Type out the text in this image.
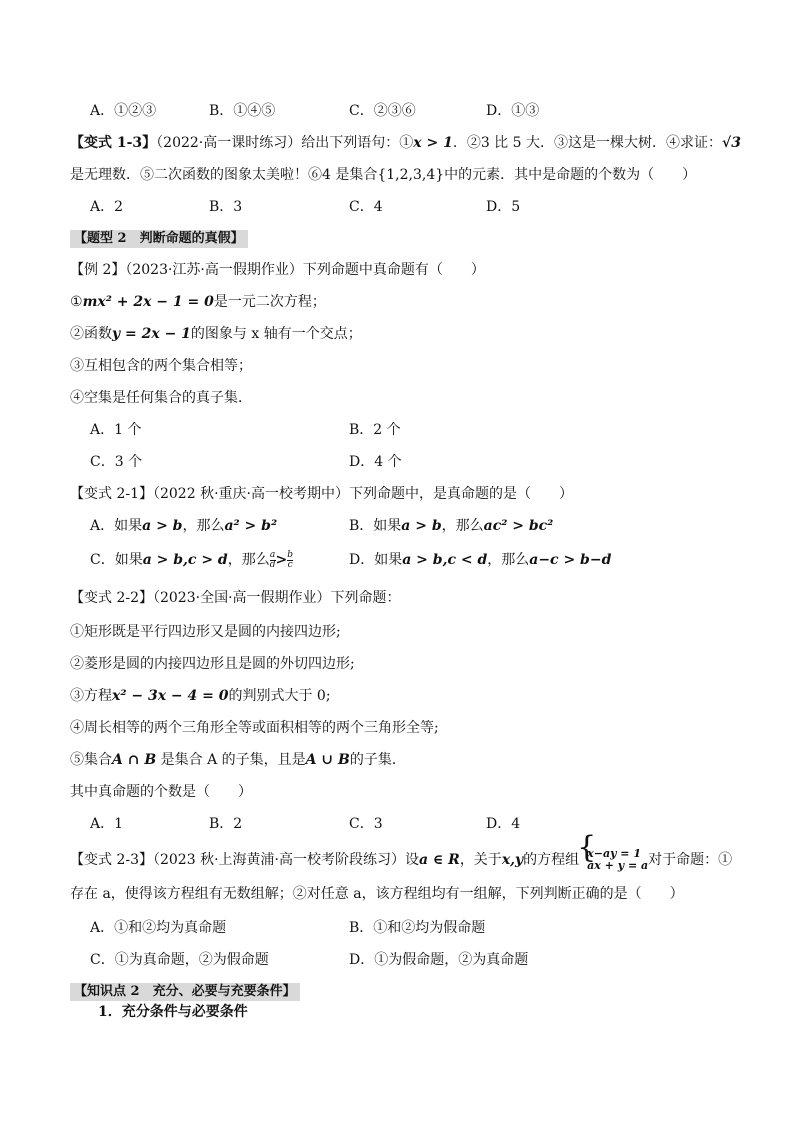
A．①②③	B．①④⑤	C．②③⑥	D．①③
【变式 1-3】（2022·高一课时练习）给出下列语句：①x > 1．②3 比 5 大．③这是一棵大树．④求证：√3
是无理数．⑤二次函数的图象太美啦！⑥4 是集合{1,2,3,4}中的元素．其中是命题的个数为（　　）
A．2	B．3	C．4	D．5
【题型 2　判断命题的真假】
【例 2】（2023·江苏·高一假期作业）下列命题中真命题有（　　）
①mx² + 2x − 1 = 0是一元二次方程；
②函数y = 2x − 1的图象与 x 轴有一个交点；
③互相包含的两个集合相等；
④空集是任何集合的真子集．
A．1 个	B．2 个
C．3 个	D．4 个
【变式 2-1】（2022 秋·重庆·高一校考期中）下列命题中，是真命题的是（　　）
A．如果a > b，那么a² > b²	B．如果a > b，那么ac² > bc²
C．如果a > b,c > d，那么 $\frac{a}{d} > \frac{b}{c}$	D．如果a > b,c < d，那么a−c > b−d
【变式 2-2】（2023·全国·高一假期作业）下列命题：
①矩形既是平行四边形又是圆的内接四边形;
②菱形是圆的内接四边形且是圆的外切四边形;
③方程x² − 3x − 4 = 0的判别式大于 0;
④周长相等的两个三角形全等或面积相等的两个三角形全等;
⑤集合A ∩ B 是集合 A 的子集，且是A ∪ B的子集．
其中真命题的个数是（　　）
A．1	B．2	C．3	D．4
【变式 2-3】（2023 秋·上海黄浦·高一校考阶段练习）设a ∈ R，关于x,y的方程组
{ x−ay = 1
ax + y = a 对于命题：①
存在 a，使得该方程组有无数组解；②对任意 a，该方程组均有一组解，下列判断正确的是（　　）
A．①和②均为真命题	B．①和②均为假命题
C．①为真命题，②为假命题	D．①为假命题，②为真命题
【知识点 2　充分、必要与充要条件】
1．充分条件与必要条件
